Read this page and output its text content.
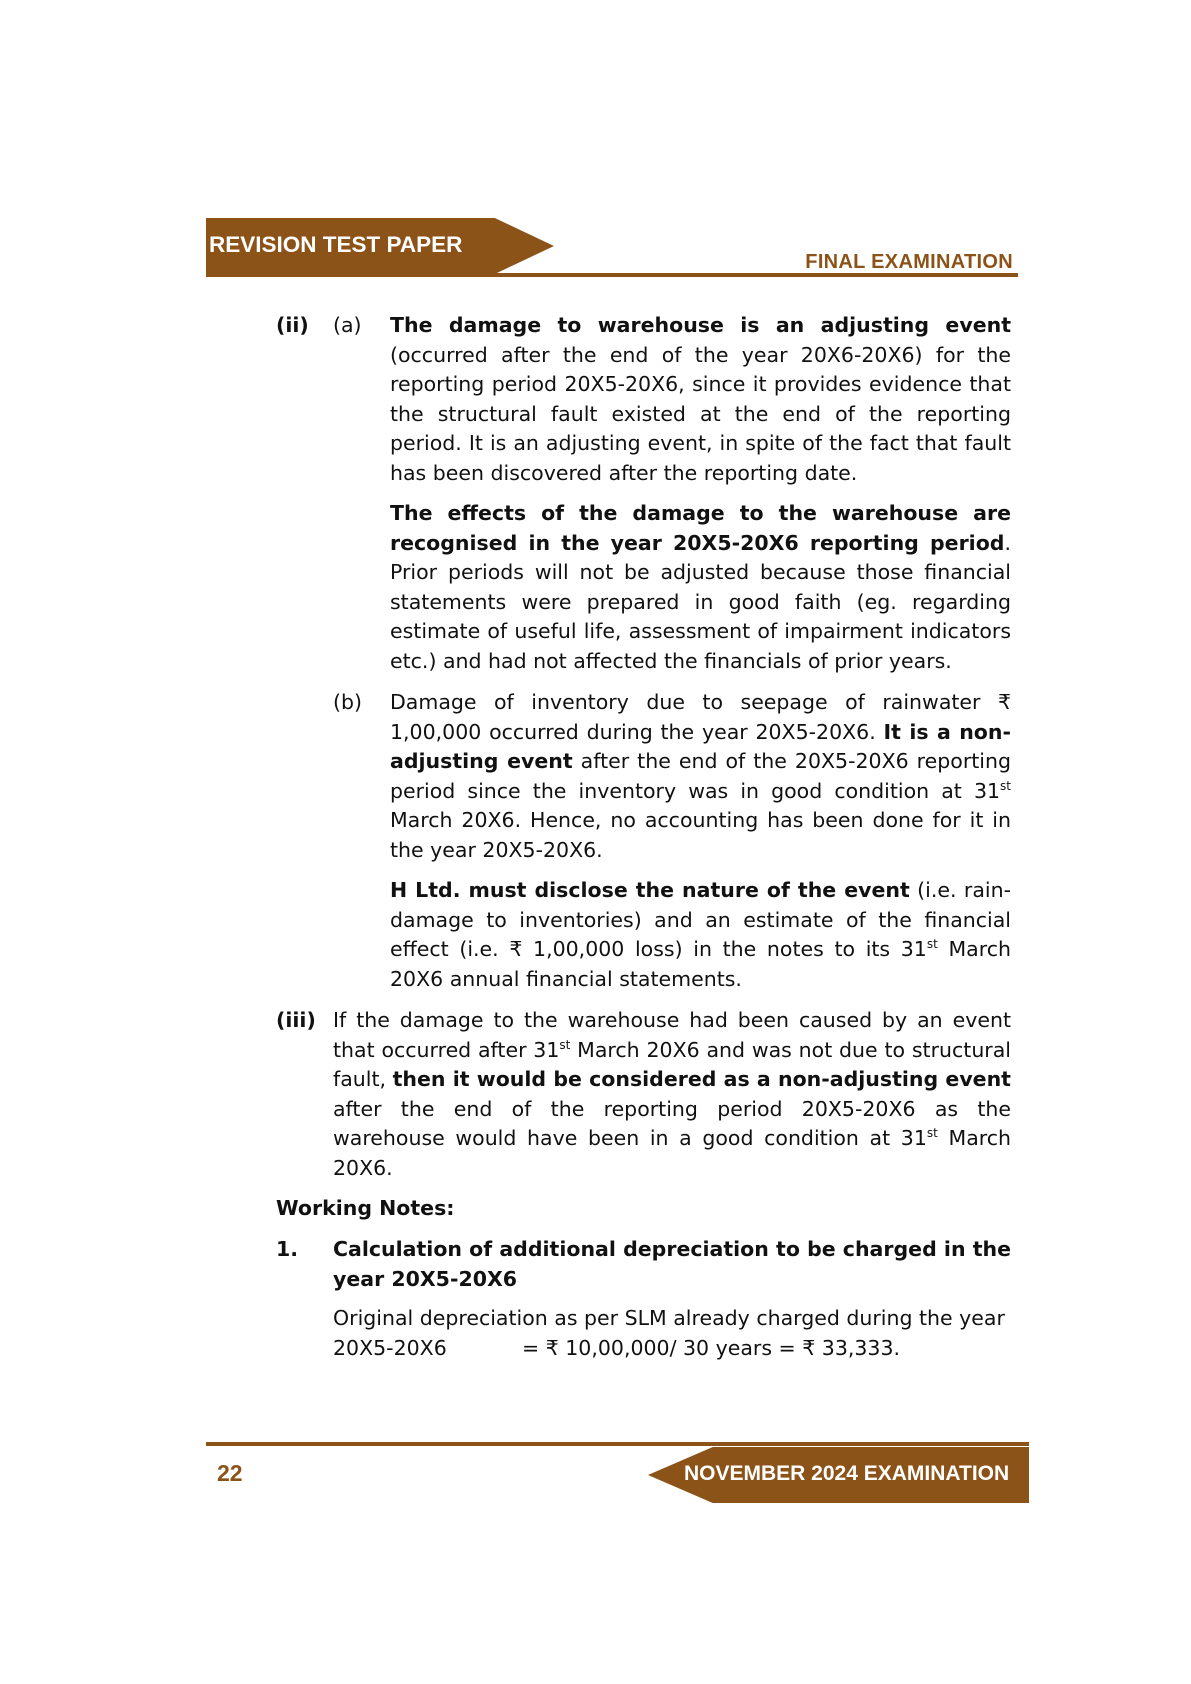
REVISION TEST PAPER
FINAL EXAMINATION

(ii) (a) The damage to warehouse is an adjusting event (occurred after the end of the year 20X6-20X6) for the reporting period 20X5-20X6, since it provides evidence that the structural fault existed at the end of the reporting period. It is an adjusting event, in spite of the fact that fault has been discovered after the reporting date.

The effects of the damage to the warehouse are recognised in the year 20X5-20X6 reporting period. Prior periods will not be adjusted because those financial statements were prepared in good faith (eg. regarding estimate of useful life, assessment of impairment indicators etc.) and had not affected the financials of prior years.

(b) Damage of inventory due to seepage of rainwater ₹ 1,00,000 occurred during the year 20X5-20X6. It is a non-adjusting event after the end of the 20X5-20X6 reporting period since the inventory was in good condition at 31st March 20X6. Hence, no accounting has been done for it in the year 20X5-20X6.

H Ltd. must disclose the nature of the event (i.e. rain-damage to inventories) and an estimate of the financial effect (i.e. ₹ 1,00,000 loss) in the notes to its 31st March 20X6 annual financial statements.

(iii) If the damage to the warehouse had been caused by an event that occurred after 31st March 20X6 and was not due to structural fault, then it would be considered as a non-adjusting event after the end of the reporting period 20X5-20X6 as the warehouse would have been in a good condition at 31st March 20X6.

Working Notes:

1. Calculation of additional depreciation to be charged in the year 20X5-20X6

Original depreciation as per SLM already charged during the year

20X5-20X6	= ₹ 10,00,000/ 30 years = ₹ 33,333.

NOVEMBER 2024 EXAMINATION
22
